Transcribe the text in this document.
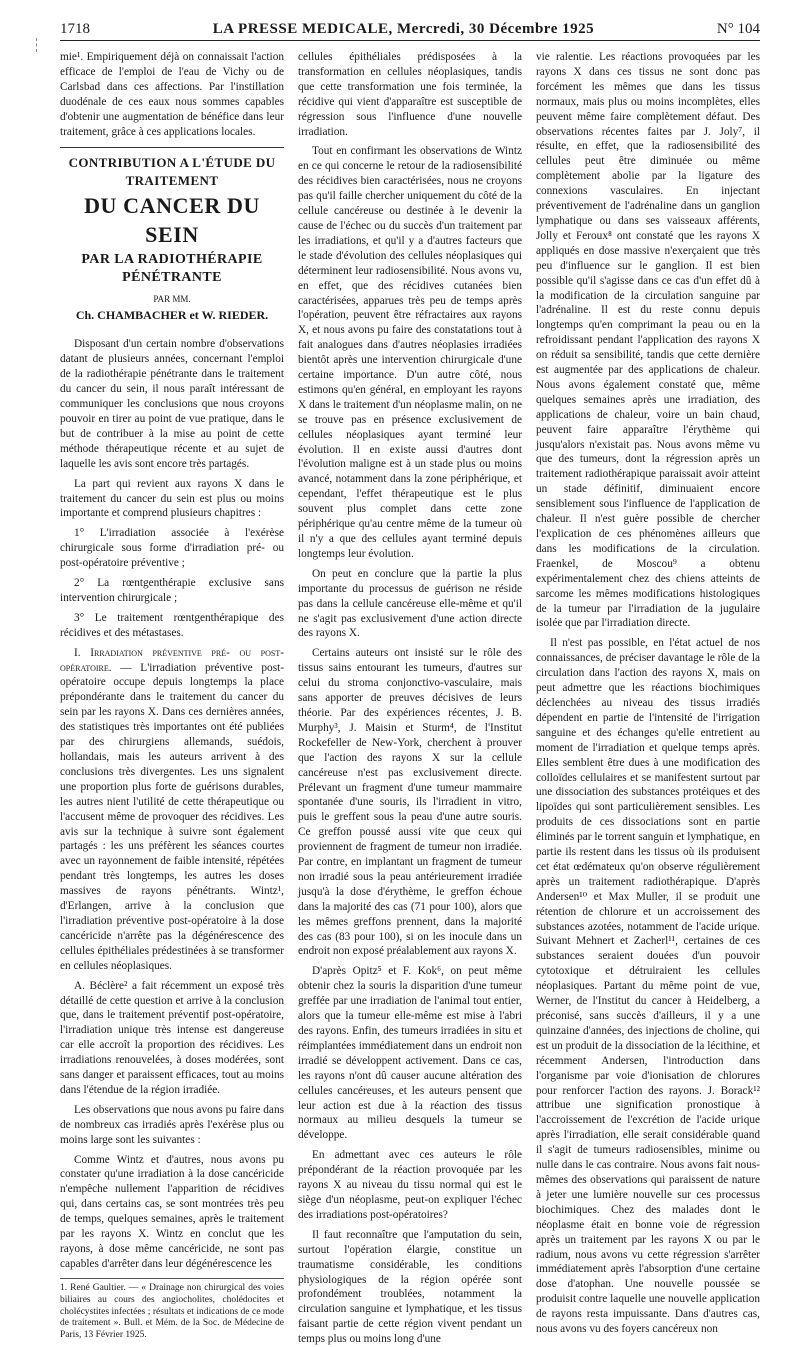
1718	LA PRESSE MEDICALE, Mercredi, 30 Décembre 1925	N° 104

mie¹. Empiriquement déjà on connaissait l'action efficace de l'emploi de l'eau de Vichy ou de Carlsbad dans ces affections. Par l'instillation duodénale de ces eaux nous sommes capables d'obtenir une augmentation de bénéfice dans leur traitement, grâce à ces applications locales.

CONTRIBUTION A L'ÉTUDE DU TRAITEMENT
DU CANCER DU SEIN
PAR LA RADIOTHÉRAPIE PÉNÉTRANTE
PAR MM.
Ch. CHAMBACHER et W. RIEDER.

Disposant d'un certain nombre d'observations datant de plusieurs années, concernant l'emploi de la radiothérapie pénétrante dans le traitement du cancer du sein, il nous paraît intéressant de communiquer les conclusions que nous croyons pouvoir en tirer au point de vue pratique, dans le but de contribuer à la mise au point de cette méthode thérapeutique récente et au sujet de laquelle les avis sont encore très partagés.

La part qui revient aux rayons X dans le traitement du cancer du sein est plus ou moins importante et comprend plusieurs chapitres :

1° L'irradiation associée à l'exérèse chirurgicale sous forme d'irradiation pré- ou post-opératoire préventive ;

2° La rœntgenthérapie exclusive sans intervention chirurgicale ;

3° Le traitement rœntgenthérapique des récidives et des métastases.

I. Irradiation préventive pré- ou post-opératoire. — L'irradiation préventive post-opératoire occupe depuis longtemps la place prépondérante dans le traitement du cancer du sein par les rayons X. Dans ces dernières années, des statistiques très importantes ont été publiées par des chirurgiens allemands, suédois, hollandais, mais les auteurs arrivent à des conclusions très divergentes. Les uns signalent une proportion plus forte de guérisons durables, les autres nient l'utilité de cette thérapeutique ou l'accusent même de provoquer des récidives. Les avis sur la technique à suivre sont également partagés : les uns préfèrent les séances courtes avec un rayonnement de faible intensité, répétées pendant très longtemps, les autres les doses massives de rayons pénétrants. Wintz¹, d'Erlangen, arrive à la conclusion que l'irradiation préventive post-opératoire à la dose cancéricide n'arrête pas la dégénérescence des cellules épithéliales prédestinées à se transformer en cellules néoplasiques.

A. Béclère² a fait récemment un exposé très détaillé de cette question et arrive à la conclusion que, dans le traitement préventif post-opératoire, l'irradiation unique très intense est dangereuse car elle accroît la proportion des récidives. Les irradiations renouvelées, à doses modérées, sont sans danger et paraissent efficaces, tout au moins dans l'étendue de la région irradiée.

Les observations que nous avons pu faire dans de nombreux cas irradiés après l'exérèse plus ou moins large sont les suivantes :

Comme Wintz et d'autres, nous avons pu constater qu'une irradiation à la dose cancéricide n'empêche nullement l'apparition de récidives qui, dans certains cas, se sont montrées très peu de temps, quelques semaines, après le traitement par les rayons X. Wintz en conclut que les rayons, à dose même cancéricide, ne sont pas capables d'arrêter dans leur dégénérescence les

1. René Gaultier. — « Drainage non chirurgical des voies biliaires au cours des angiocholites, cholédocites et cholécystites infectées ; résultats et indications de ce mode de traitement ». Bull. et Mém. de la Soc. de Médecine de Paris, 13 Février 1925.

cellules épithéliales prédisposées à la transformation en cellules néoplasiques, tandis que cette transformation une fois terminée, la récidive qui vient d'apparaître est susceptible de régression sous l'influence d'une nouvelle irradiation.

Tout en confirmant les observations de Wintz en ce qui concerne le retour de la radiosensibilité des récidives bien caractérisées, nous ne croyons pas qu'il faille chercher uniquement du côté de la cellule cancéreuse ou destinée à le devenir la cause de l'échec ou du succès d'un traitement par les irradiations, et qu'il y a d'autres facteurs que le stade d'évolution des cellules néoplasiques qui déterminent leur radiosensibilité. Nous avons vu, en effet, que des récidives cutanées bien caractérisées, apparues très peu de temps après l'opération, peuvent être réfractaires aux rayons X, et nous avons pu faire des constatations tout à fait analogues dans d'autres néoplasies irradiées bientôt après une intervention chirurgicale d'une certaine importance. D'un autre côté, nous estimons qu'en général, en employant les rayons X dans le traitement d'un néoplasme malin, on ne se trouve pas en présence exclusivement de cellules néoplasiques ayant terminé leur évolution. Il en existe aussi d'autres dont l'évolution maligne est à un stade plus ou moins avancé, notamment dans la zone périphérique, et cependant, l'effet thérapeutique est le plus souvent plus complet dans cette zone périphérique qu'au centre même de la tumeur où il n'y a que des cellules ayant terminé depuis longtemps leur évolution.

On peut en conclure que la partie la plus importante du processus de guérison ne réside pas dans la cellule cancéreuse elle-même et qu'il ne s'agit pas exclusivement d'une action directe des rayons X.

Certains auteurs ont insisté sur le rôle des tissus sains entourant les tumeurs, d'autres sur celui du stroma conjonctivo-vasculaire, mais sans apporter de preuves décisives de leurs théorie. Par des expériences récentes, J. B. Murphy³, J. Maisin et Sturm⁴, de l'Institut Rockefeller de New-York, cherchent à prouver que l'action des rayons X sur la cellule cancéreuse n'est pas exclusivement directe. Prélevant un fragment d'une tumeur mammaire spontanée d'une souris, ils l'irradient in vitro, puis le greffent sous la peau d'une autre souris. Ce greffon poussé aussi vite que ceux qui proviennent de fragment de tumeur non irradiée. Par contre, en implantant un fragment de tumeur non irradié sous la peau antérieurement irradiée jusqu'à la dose d'érythème, le greffon échoue dans la majorité des cas (71 pour 100), alors que les mêmes greffons prennent, dans la majorité des cas (83 pour 100), si on les inocule dans un endroit non exposé préalablement aux rayons X.

D'après Opitz⁵ et F. Kok⁶, on peut même obtenir chez la souris la disparition d'une tumeur greffée par une irradiation de l'animal tout entier, alors que la tumeur elle-même est mise à l'abri des rayons. Enfin, des tumeurs irradiées in situ et réimplantées immédiatement dans un endroit non irradié se développent activement. Dans ce cas, les rayons n'ont dû causer aucune altération des cellules cancéreuses, et les auteurs pensent que leur action est due à la réaction des tissus normaux au milieu desquels la tumeur se développe.

En admettant avec ces auteurs le rôle prépondérant de la réaction provoquée par les rayons X au niveau du tissu normal qui est le siège d'un néoplasme, peut-on expliquer l'échec des irradiations post-opératoires?

Il faut reconnaître que l'amputation du sein, surtout l'opération élargie, constitue un traumatisme considérable, les conditions physiologiques de la région opérée sont profondément troublées, notamment la circulation sanguine et lymphatique, et les tissus faisant partie de cette région vivent pendant un temps plus ou moins long d'une

vie ralentie. Les réactions provoquées par les rayons X dans ces tissus ne sont donc pas forcément les mêmes que dans les tissus normaux, mais plus ou moins incomplètes, elles peuvent même faire complètement défaut. Des observations récentes faites par J. Joly⁷, il résulte, en effet, que la radiosensibilité des cellules peut être diminuée ou même complètement abolie par la ligature des connexions vasculaires. En injectant préventivement de l'adrénaline dans un ganglion lymphatique ou dans ses vaisseaux afférents, Jolly et Feroux⁸ ont constaté que les rayons X appliqués en dose massive n'exerçaient que très peu d'influence sur le ganglion. Il est bien possible qu'il s'agisse dans ce cas d'un effet dû à la modification de la circulation sanguine par l'adrénaline. Il est du reste connu depuis longtemps qu'en comprimant la peau ou en la refroidissant pendant l'application des rayons X on réduit sa sensibilité, tandis que cette dernière est augmentée par des applications de chaleur. Nous avons également constaté que, même quelques semaines après une irradiation, des applications de chaleur, voire un bain chaud, peuvent faire apparaître l'érythème qui jusqu'alors n'existait pas. Nous avons même vu que des tumeurs, dont la régression après un traitement radiothérapique paraissait avoir atteint un stade définitif, diminuaient encore sensiblement sous l'influence de l'application de chaleur. Il n'est guère possible de chercher l'explication de ces phénomènes ailleurs que dans les modifications de la circulation. Fraenkel, de Moscou⁹ a obtenu expérimentalement chez des chiens atteints de sarcome les mêmes modifications histologiques de la tumeur par l'irradiation de la jugulaire isolée que par l'irradiation directe.

Il n'est pas possible, en l'état actuel de nos connaissances, de préciser davantage le rôle de la circulation dans l'action des rayons X, mais on peut admettre que les réactions biochimiques déclenchées au niveau des tissus irradiés dépendent en partie de l'intensité de l'irrigation sanguine et des échanges qu'elle entretient au moment de l'irradiation et quelque temps après. Elles semblent être dues à une modification des colloïdes cellulaires et se manifestent surtout par une dissociation des substances protéiques et des lipoïdes qui sont particulièrement sensibles. Les produits de ces dissociations sont en partie éliminés par le torrent sanguin et lymphatique, en partie ils restent dans les tissus où ils produisent cet état œdémateux qu'on observe régulièrement après un traitement radiothérapique. D'après Andersen¹⁰ et Max Muller, il se produit une rétention de chlorure et un accroissement des substances azotées, notamment de l'acide urique. Suivant Mehnert et Zacherl¹¹, certaines de ces substances seraient douées d'un pouvoir cytotoxique et détruiraient les cellules néoplasiques. Partant du même point de vue, Werner, de l'Institut du cancer à Heidelberg, a préconisé, sans succès d'ailleurs, il y a une quinzaine d'années, des injections de choline, qui est un produit de la dissociation de la lécithine, et récemment Andersen, l'introduction dans l'organisme par voie d'ionisation de chlorures pour renforcer l'action des rayons. J. Borack¹² attribue une signification pronostique à l'accroissement de l'excrétion de l'acide urique après l'irradiation, elle serait considérable quand il s'agit de tumeurs radiosensibles, minime ou nulle dans le cas contraire. Nous avons fait nous-mêmes des observations qui paraissent de nature à jeter une lumière nouvelle sur ces processus biochimiques. Chez des malades dont le néoplasme était en bonne voie de régression après un traitement par les rayons X ou par le radium, nous avons vu cette régression s'arrêter immédiatement après l'absorption d'une certaine dose d'atophan. Une nouvelle poussée se produisit contre laquelle une nouvelle application de rayons resta impuissante. Dans d'autres cas, nous avons vu des foyers cancéreux non
